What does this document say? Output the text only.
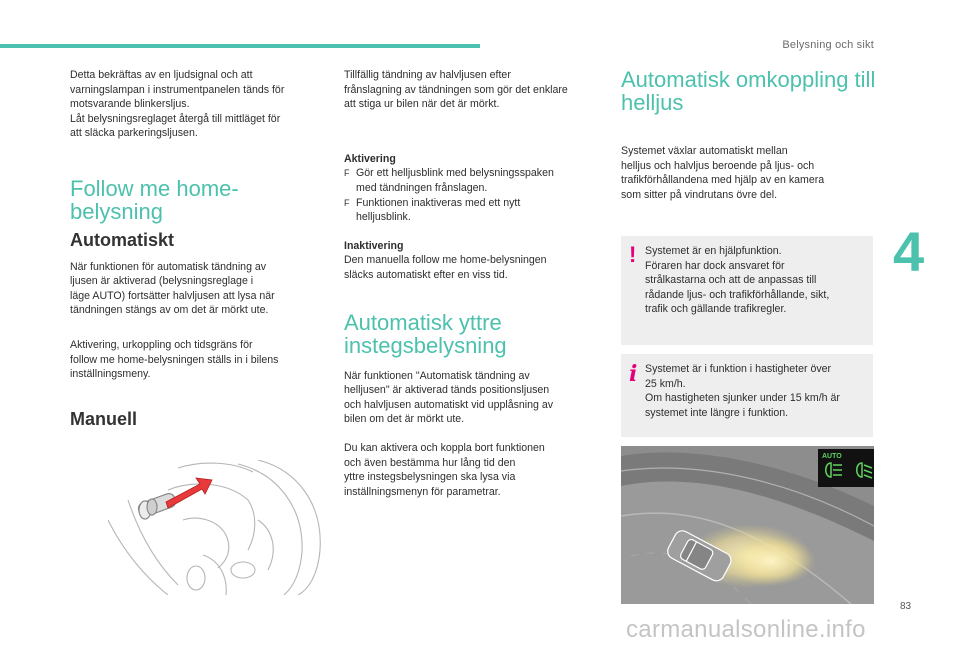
Belysning och sikt
4
83
carmanualsonline.info

Detta bekräftas av en ljudsignal och att
varningslampan i instrumentpanelen tänds för
motsvarande blinkersljus.
Låt belysningsreglaget återgå till mittläget för
att släcka parkeringsljusen.

Follow me home-
belysning
Automatiskt

När funktionen för automatisk tändning av
ljusen är aktiverad (belysningsreglage i
läge AUTO) fortsätter halvljusen att lysa när
tändningen stängs av om det är mörkt ute.

Aktivering, urkoppling och tidsgräns för
follow me home-belysningen ställs in i bilens
inställningsmeny.

Manuell

Tillfällig tändning av halvljusen efter
frånslagning av tändningen som gör det enklare
att stiga ur bilen när det är mörkt.

Aktivering

F Gör ett helljusblink med belysningsspaken
med tändningen frånslagen.
F Funktionen inaktiveras med ett nytt
helljusblink.

Inaktivering

Den manuella follow me home-belysningen
släcks automatiskt efter en viss tid.

Automatisk yttre
instegsbelysning

När funktionen "Automatisk tändning av
helljusen" är aktiverad tänds positionsljusen
och halvljusen automatiskt vid upplåsning av
bilen om det är mörkt ute.

Du kan aktivera och koppla bort funktionen
och även bestämma hur lång tid den
yttre instegsbelysningen ska lysa via
inställningsmenyn för parametrar.

Automatisk omkoppling till
helljus

Systemet växlar automatiskt mellan
helljus och halvljus beroende på ljus- och
trafikförhållandena med hjälp av en kamera
som sitter på vindrutans övre del.

! Systemet är en hjälpfunktion.
Föraren har dock ansvaret för
strålkastarna och att de anpassas till
rådande ljus- och trafikförhållande, sikt,
trafik och gällande trafikregler.
i Systemet är i funktion i hastigheter över
25 km/h.
Om hastigheten sjunker under 15 km/h är
systemet inte längre i funktion.
AUTO
